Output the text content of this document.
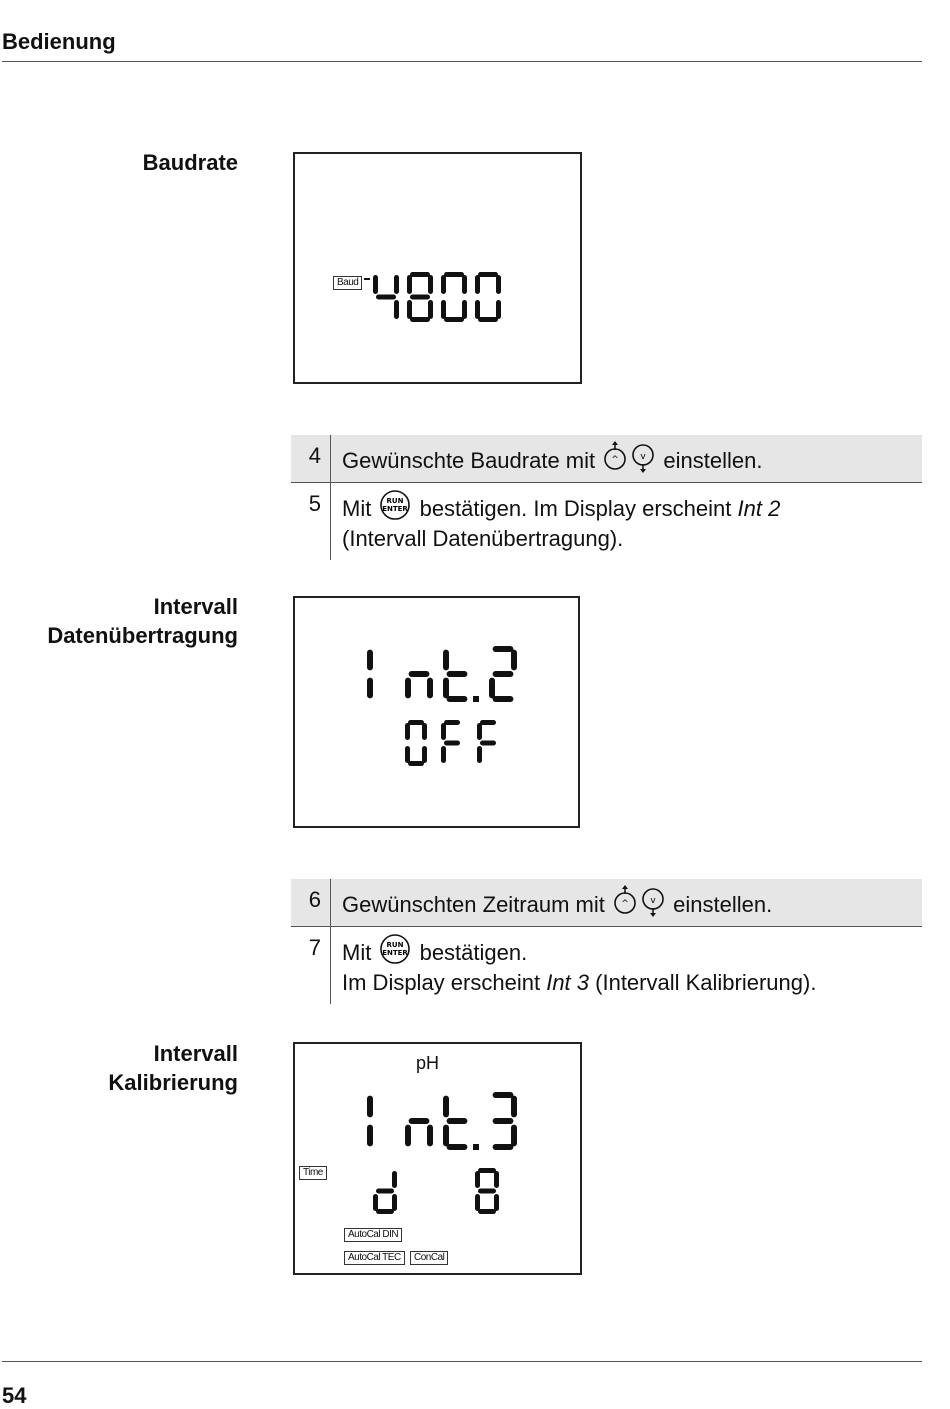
Bedienung
Baudrate
Baud
4 Gewünschte Baudrate mit ^ v einstellen.
5 Mit RUN
ENTER bestätigen. Im Display erscheint Int 2
(Intervall Datenübertragung).
Intervall
Datenübertragung
6 Gewünschten Zeitraum mit ^ v einstellen.
7 Mit RUN
ENTER bestätigen.
Im Display erscheint Int 3 (Intervall Kalibrierung).
Intervall
Kalibrierung
pH
Time
AutoCal DIN
AutoCal TEC	ConCal
54
